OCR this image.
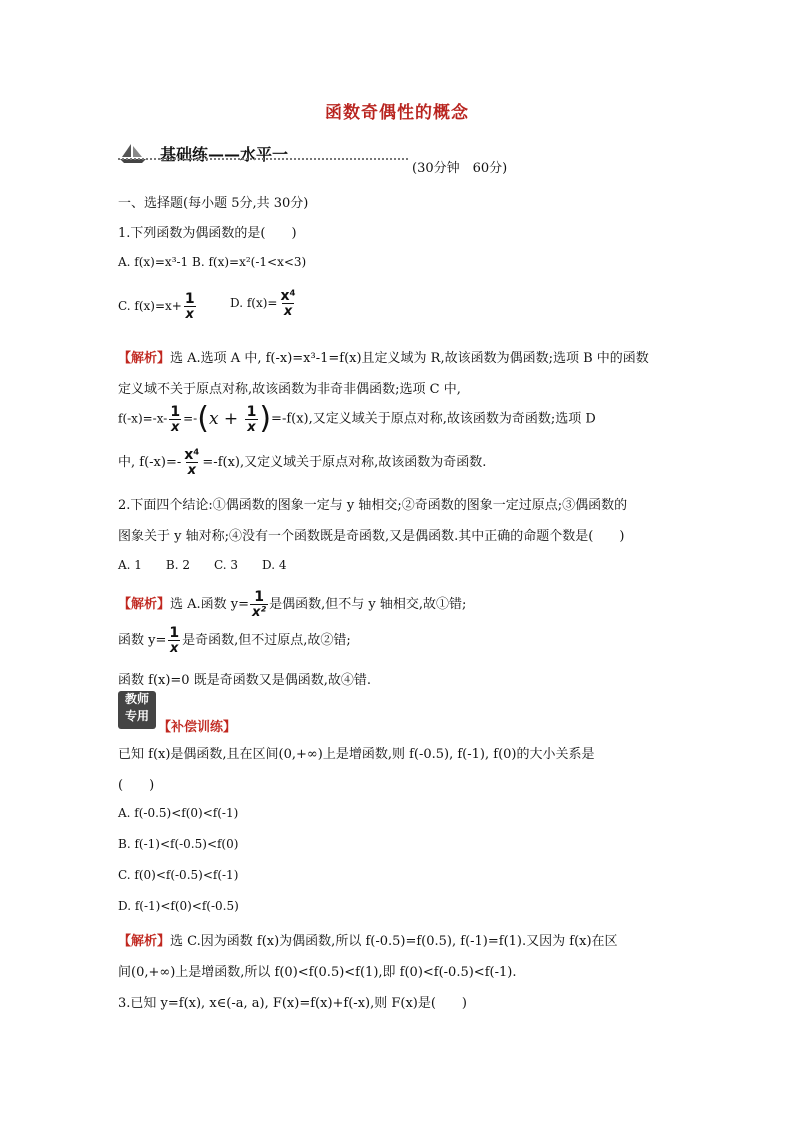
函数奇偶性的概念
基础练——水平一
(30分钟　60分)
一、选择题(每小题 5分,共 30分)
1.下列函数为偶函数的是(　　)
A. f(x)=x³-1 B. f(x)=x²(-1<x<3)
C. $f(x)=x+ \frac{1}{x}$	D. $f(x)= \frac{\text{x⁴}}{x}$
【解析】选 A.选项 A 中, f(-x)=x³-1=f(x)且定义域为 R,故该函数为偶函数;选项 B 中的函数
定义域不关于原点对称,故该函数为非奇非偶函数;选项 C 中,
$f(-x)=-x- \frac{1}{x} =-(x + \frac{1}{x} )=-f(x)$,又定义域关于原点对称,故该函数为奇函数;选项 D
中, $f(-x)=- \frac{\text{x⁴}}{x} =-f(x)$,又定义域关于原点对称,故该函数为奇函数.
2.下面四个结论:①偶函数的图象一定与 y 轴相交;②奇函数的图象一定过原点;③偶函数的
图象关于 y 轴对称;④没有一个函数既是奇函数,又是偶函数.其中正确的命题个数是(　　)
A. 1　　B. 2　　C. 3　　D. 4
【解析】选 A.函数 $y= \frac{1}{\text{x²}}$ 是偶函数,但不与 y 轴相交,故①错;
函数 $y= \frac{1}{x}$ 是奇函数,但不过原点,故②错;
函数 f(x)=0 既是奇函数又是偶函数,故④错.
教师
专用
【补偿训练】
已知 f(x)是偶函数,且在区间(0,+∞)上是增函数,则 f(-0.5), f(-1), f(0)的大小关系是
(　　)
A. f(-0.5)<f(0)<f(-1)
B. f(-1)<f(-0.5)<f(0)
C. f(0)<f(-0.5)<f(-1)
D. f(-1)<f(0)<f(-0.5)
【解析】选 C.因为函数 f(x)为偶函数,所以 f(-0.5)=f(0.5), f(-1)=f(1).又因为 f(x)在区
间(0,+∞)上是增函数,所以 f(0)<f(0.5)<f(1),即 f(0)<f(-0.5)<f(-1).
3.已知 y=f(x), x∈(-a, a), F(x)=f(x)+f(-x),则 F(x)是(　　)
